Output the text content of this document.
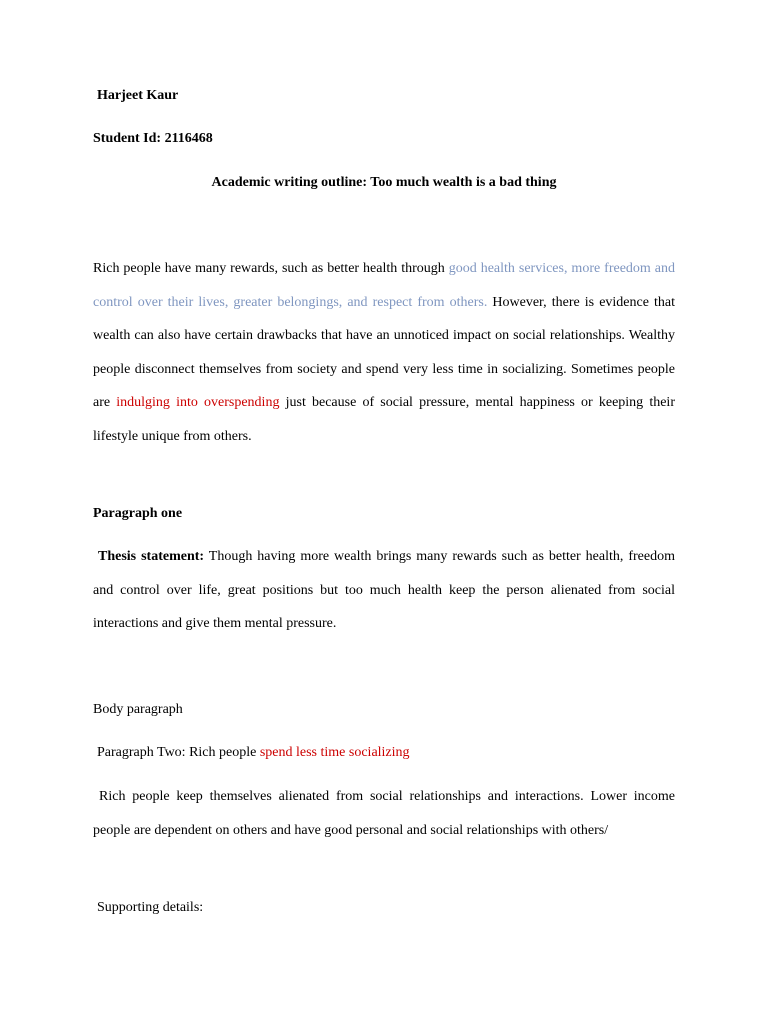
Harjeet Kaur
Student Id: 2116468
Academic writing outline: Too much wealth is a bad thing
Rich people have many rewards, such as better health through good health services, more freedom and control over their lives, greater belongings, and respect from others. However, there is evidence that wealth can also have certain drawbacks that have an unnoticed impact on social relationships. Wealthy people disconnect themselves from society and spend very less time in socializing. Sometimes people are indulging into overspending just because of social pressure, mental happiness or keeping their lifestyle unique from others.
Paragraph one
Thesis statement: Though having more wealth brings many rewards such as better health, freedom and control over life, great positions but too much health keep the person alienated from social interactions and give them mental pressure.
Body paragraph
Paragraph Two: Rich people spend less time socializing
Rich people keep themselves alienated from social relationships and interactions. Lower income people are dependent on others and have good personal and social relationships with others/
Supporting details:
